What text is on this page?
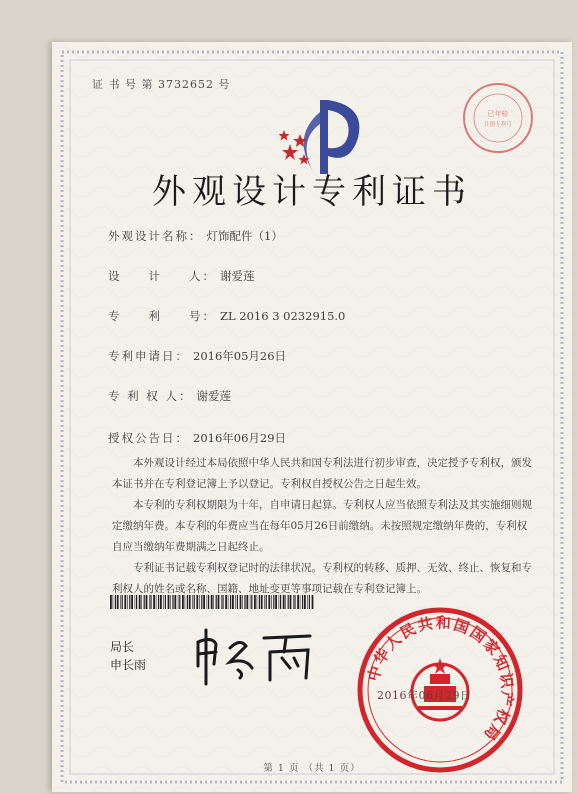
证 书 号 第 3732652 号
已年检
注册专利号
外观设计专利证书
外观设计名称： 灯饰配件（1）
设　　计　　人： 谢爱莲
专　　利　　号： ZL 2016 3 0232915.0
专利申请日： 2016年05月26日
专 利 权 人： 谢爱莲
授权公告日： 2016年06月29日
本外观设计经过本局依照中华人民共和国专利法进行初步审查，决定授予专利权，颁发本证书并在专利登记簿上予以登记。专利权自授权公告之日起生效。
本专利的专利权期限为十年，自申请日起算。专利权人应当依照专利法及其实施细则规定缴纳年费。本专利的年费应当在每年05月26日前缴纳。未按照规定缴纳年费的，专利权自应当缴纳年费期满之日起终止。
专利证书记载专利权登记时的法律状况。专利权的转移、质押、无效、终止、恢复和专利权人的姓名或名称、国籍、地址变更等事项记载在专利登记簿上。
局长
申长雨	中华人民共和国国家知识产权局
2016年06月29日
第 1 页 （共 1 页）
